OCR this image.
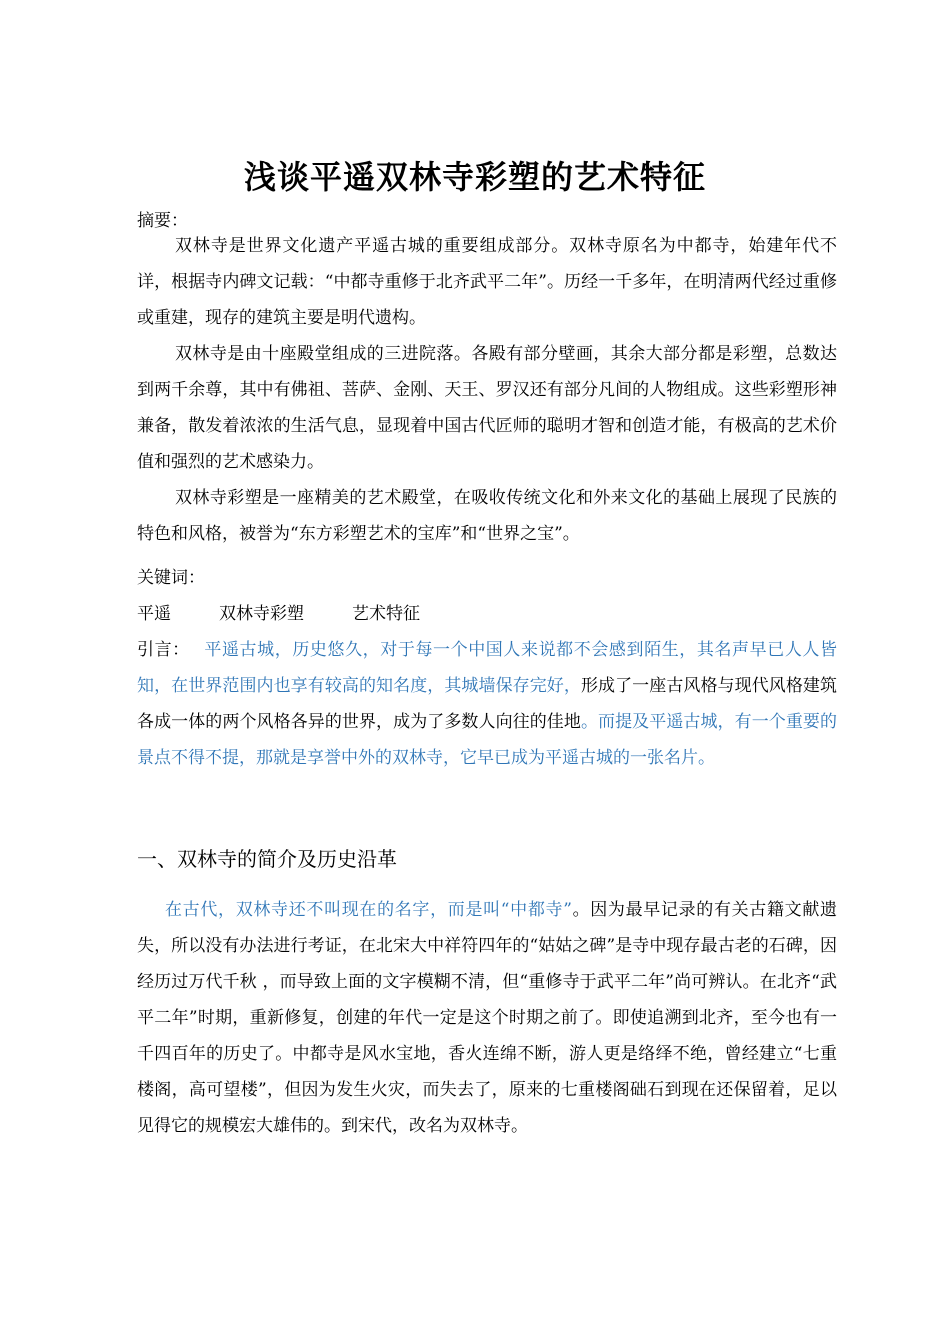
浅谈平遥双林寺彩塑的艺术特征
摘要：

双林寺是世界文化遗产平遥古城的重要组成部分。双林寺原名为中都寺，始建年代不详，根据寺内碑文记载：“中都寺重修于北齐武平二年”。历经一千多年，在明清两代经过重修或重建，现存的建筑主要是明代遗构。

双林寺是由十座殿堂组成的三进院落。各殿有部分壁画，其余大部分都是彩塑，总数达到两千余尊，其中有佛祖、菩萨、金刚、天王、罗汉还有部分凡间的人物组成。这些彩塑形神兼备，散发着浓浓的生活气息，显现着中国古代匠师的聪明才智和创造才能，有极高的艺术价值和强烈的艺术感染力。

双林寺彩塑是一座精美的艺术殿堂，在吸收传统文化和外来文化的基础上展现了民族的特色和风格，被誉为“东方彩塑艺术的宝库”和“世界之宝”。

关键词：
平遥	双林寺彩塑	艺术特征

引言： 平遥古城，历史悠久，对于每一个中国人来说都不会感到陌生，其名声早已人人皆知，在世界范围内也享有较高的知名度，其城墙保存完好，形成了一座古风格与现代风格建筑各成一体的两个风格各异的世界，成为了多数人向往的佳地。而提及平遥古城，有一个重要的景点不得不提，那就是享誉中外的双林寺，它早已成为平遥古城的一张名片。

一、双林寺的简介及历史沿革

在古代，双林寺还不叫现在的名字，而是叫“中都寺”。因为最早记录的有关古籍文献遗失，所以没有办法进行考证，在北宋大中祥符四年的“姑姑之碑”是寺中现存最古老的石碑，因经历过万代千秋 ，而导致上面的文字模糊不清，但“重修寺于武平二年”尚可辨认。在北齐“武平二年”时期，重新修复，创建的年代一定是这个时期之前了。即使追溯到北齐，至今也有一千四百年的历史了。中都寺是风水宝地，香火连绵不断，游人更是络绎不绝，曾经建立“七重楼阁，高可望楼”，但因为发生火灾，而失去了，原来的七重楼阁础石到现在还保留着，足以见得它的规模宏大雄伟的。到宋代，改名为双林寺。
